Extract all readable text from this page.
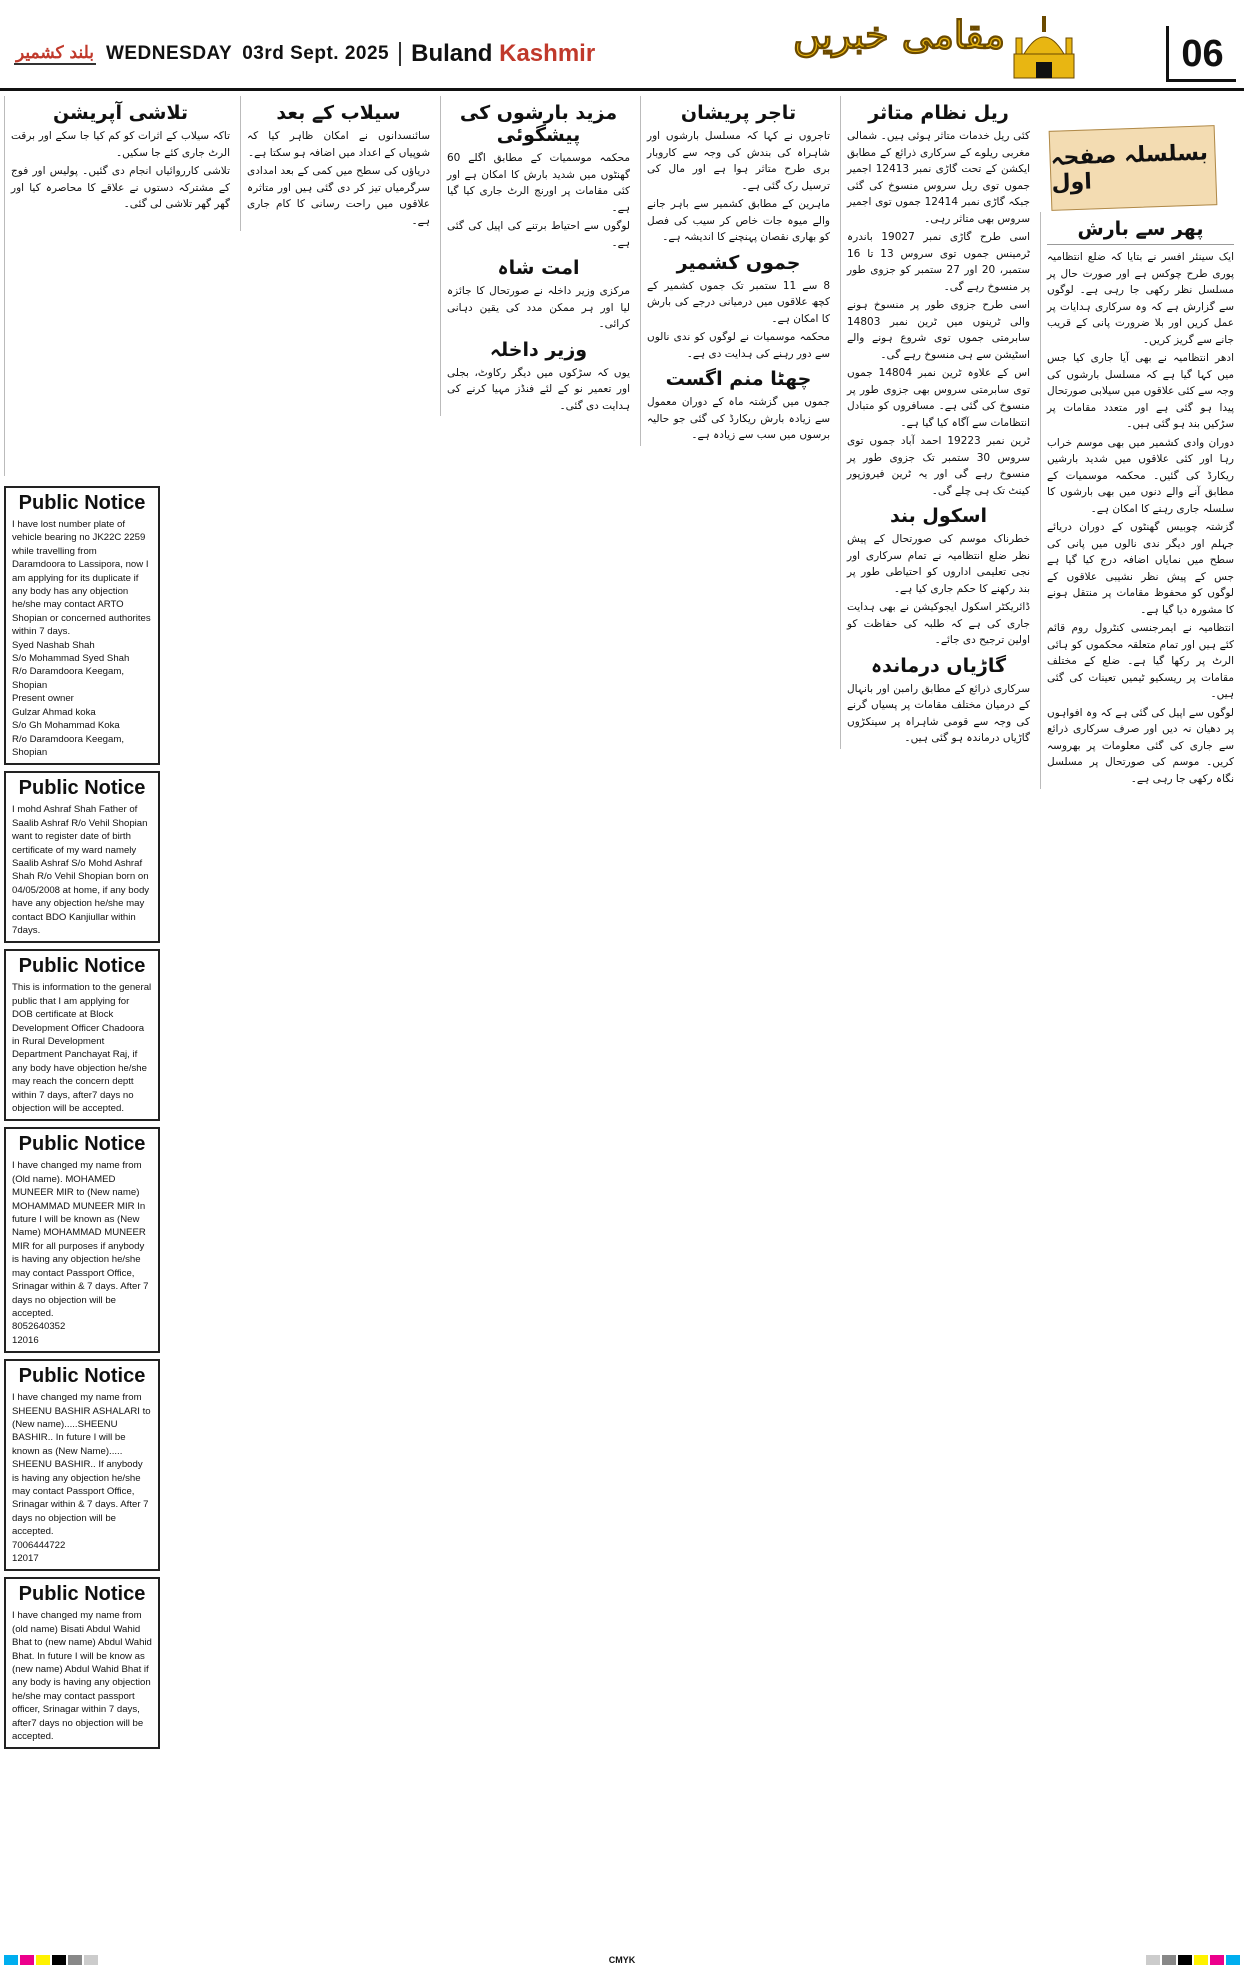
بلند کشمیر WEDNESDAY 03rd Sept. 2025 Buland Kashmir	مقامی خبریں	06
بسلسلہ صفحہ اول
پھر سے بارش

ایک سینئر افسر نے بتایا کہ ضلع انتظامیہ پوری طرح چوکس ہے اور صورت حال پر مسلسل نظر رکھی جا رہی ہے۔ لوگوں سے گزارش ہے کہ وہ سرکاری ہدایات پر عمل کریں اور بلا ضرورت پانی کے قریب جانے سے گریز کریں۔

ادھر انتظامیہ نے بھی آیا جاری کیا جس میں کہا گیا ہے کہ مسلسل بارشوں کی وجہ سے کئی علاقوں میں سیلابی صورتحال پیدا ہو گئی ہے اور متعدد مقامات پر سڑکیں بند ہو گئی ہیں۔

دوران وادی کشمیر میں بھی موسم خراب رہا اور کئی علاقوں میں شدید بارشیں ریکارڈ کی گئیں۔ محکمہ موسمیات کے مطابق آنے والے دنوں میں بھی بارشوں کا سلسلہ جاری رہنے کا امکان ہے۔

گزشتہ چوبیس گھنٹوں کے دوران دریائے جہلم اور دیگر ندی نالوں میں پانی کی سطح میں نمایاں اضافہ درج کیا گیا ہے جس کے پیش نظر نشیبی علاقوں کے لوگوں کو محفوظ مقامات پر منتقل ہونے کا مشورہ دیا گیا ہے۔

انتظامیہ نے ایمرجنسی کنٹرول روم قائم کئے ہیں اور تمام متعلقہ محکموں کو ہائی الرٹ پر رکھا گیا ہے۔ ضلع کے مختلف مقامات پر ریسکیو ٹیمیں تعینات کی گئی ہیں۔

لوگوں سے اپیل کی گئی ہے کہ وہ افواہوں پر دھیان نہ دیں اور صرف سرکاری ذرائع سے جاری کی گئی معلومات پر بھروسہ کریں۔ موسم کی صورتحال پر مسلسل نگاہ رکھی جا رہی ہے۔

ریل نظام متاثر

کئی ریل خدمات متاثر ہوئی ہیں۔ شمالی مغربی ریلوے کے سرکاری ذرائع کے مطابق ایکشن کے تحت گاڑی نمبر 12413 اجمیر جموں توی ریل سروس منسوخ کی گئی جبکہ گاڑی نمبر 12414 جموں توی اجمیر سروس بھی متاثر رہی۔

اسی طرح گاڑی نمبر 19027 باندرہ ٹرمینس جموں توی سروس 13 تا 16 ستمبر، 20 اور 27 ستمبر کو جزوی طور پر منسوخ رہے گی۔

اسی طرح جزوی طور پر منسوخ ہونے والی ٹرینوں میں ٹرین نمبر 14803 سابرمتی جموں توی شروع ہونے والے اسٹیشن سے ہی منسوخ رہے گی۔

اس کے علاوہ ٹرین نمبر 14804 جموں توی سابرمتی سروس بھی جزوی طور پر منسوخ کی گئی ہے۔ مسافروں کو متبادل انتظامات سے آگاہ کیا گیا ہے۔

ٹرین نمبر 19223 احمد آباد جموں توی سروس 30 ستمبر تک جزوی طور پر منسوخ رہے گی اور یہ ٹرین فیروزپور کینٹ تک ہی چلے گی۔

اسکول بند

خطرناک موسم کی صورتحال کے پیش نظر ضلع انتظامیہ نے تمام سرکاری اور نجی تعلیمی اداروں کو احتیاطی طور پر بند رکھنے کا حکم جاری کیا ہے۔

ڈائریکٹر اسکول ایجوکیشن نے بھی ہدایت جاری کی ہے کہ طلبہ کی حفاظت کو اولین ترجیح دی جائے۔

گاڑیاں درماندہ

سرکاری ذرائع کے مطابق رامبن اور بانہال کے درمیان مختلف مقامات پر پسیاں گرنے کی وجہ سے قومی شاہراہ پر سینکڑوں گاڑیاں درماندہ ہو گئی ہیں۔

تاجر پریشان

تاجروں نے کہا کہ مسلسل بارشوں اور شاہراہ کی بندش کی وجہ سے کاروبار بری طرح متاثر ہوا ہے اور مال کی ترسیل رک گئی ہے۔

ماہرین کے مطابق کشمیر سے باہر جانے والے میوہ جات خاص کر سیب کی فصل کو بھاری نقصان پہنچنے کا اندیشہ ہے۔

جموں کشمیر

8 سے 11 ستمبر تک جموں کشمیر کے کچھ علاقوں میں درمیانی درجے کی بارش کا امکان ہے۔

محکمہ موسمیات نے لوگوں کو ندی نالوں سے دور رہنے کی ہدایت دی ہے۔

چھٹا منم اگست

جموں میں گزشتہ ماہ کے دوران معمول سے زیادہ بارش ریکارڈ کی گئی جو حالیہ برسوں میں سب سے زیادہ ہے۔

مزید بارشوں کی پیشگوئی

محکمہ موسمیات کے مطابق اگلے 60 گھنٹوں میں شدید بارش کا امکان ہے اور کئی مقامات پر اورنج الرٹ جاری کیا گیا ہے۔

لوگوں سے احتیاط برتنے کی اپیل کی گئی ہے۔

امت شاہ

مرکزی وزیر داخلہ نے صورتحال کا جائزہ لیا اور ہر ممکن مدد کی یقین دہانی کرائی۔

وزیر داخلہ

یوں کہ سڑکوں میں دیگر رکاوٹ، بجلی اور تعمیر نو کے لئے فنڈز مہیا کرنے کی ہدایت دی گئی۔

سیلاب کے بعد

سائنسدانوں نے امکان ظاہر کیا کہ شوپیاں کے اعداد میں اضافہ ہو سکتا ہے۔

دریاؤں کی سطح میں کمی کے بعد امدادی سرگرمیاں تیز کر دی گئی ہیں اور متاثرہ علاقوں میں راحت رسانی کا کام جاری ہے۔

تلاشی آپریشن

تاکہ سیلاب کے اثرات کو کم کیا جا سکے اور برقت الرٹ جاری کئے جا سکیں۔

تلاشی کارروائیاں انجام دی گئیں۔ پولیس اور فوج کے مشترکہ دستوں نے علاقے کا محاصرہ کیا اور گھر گھر تلاشی لی گئی۔

Public Notice
I have lost number plate of vehicle bearing no JK22C 2259 while travelling from Daramdoora to Lassipora, now I am applying for its duplicate if any body has any objection he/she may contact ARTO Shopian or concerned authorites within 7 days.
Syed Nashab Shah
S/o Mohammad Syed Shah
R/o Daramdoora Keegam, Shopian
Present owner
Gulzar Ahmad koka
S/o Gh Mohammad Koka
R/o Daramdoora Keegam, Shopian
Public Notice
I mohd Ashraf Shah Father of Saalib Ashraf R/o Vehil Shopian want to register date of birth certificate of my ward namely Saalib Ashraf S/o Mohd Ashraf Shah R/o Vehil Shopian born on 04/05/2008 at home, if any body have any objection he/she may contact BDO Kanjiullar within 7days.
Public Notice
This is information to the general public that I am applying for DOB certificate at Block Development Officer Chadoora in Rural Development Department Panchayat Raj, if any body have objection he/she may reach the concern deptt within 7 days, after7 days no objection will be accepted.
Public Notice
I have changed my name from (Old name). MOHAMED MUNEER MIR to (New name) MOHAMMAD MUNEER MIR In future I will be known as (New Name) MOHAMMAD MUNEER MIR for all purposes if anybody is having any objection he/she may contact Passport Office, Srinagar within & 7 days. After 7 days no objection will be accepted.
8052640352
12016
Public Notice
I have changed my name from SHEENU BASHIR ASHALARI to (New name).....SHEENU BASHIR.. In future I will be known as (New Name)..... SHEENU BASHIR.. If anybody is having any objection he/she may contact Passport Office, Srinagar within & 7 days. After 7 days no objection will be accepted.
7006444722
12017
Public Notice
I have changed my name from (old name) Bisati Abdul Wahid Bhat to (new name) Abdul Wahid Bhat. In future I will be know as (new name) Abdul Wahid Bhat if any body is having any objection he/she may contact passport officer, Srinagar within 7 days, after7 days no objection will be accepted.
CMYK
